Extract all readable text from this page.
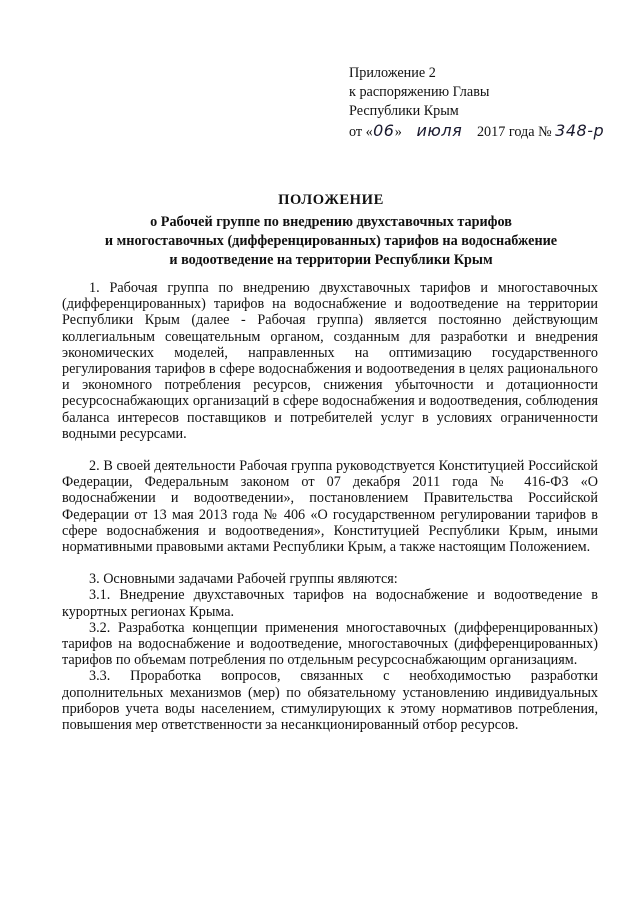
Приложение 2
к распоряжению Главы
Республики Крым
от «06» июля 2017 года № 348-р
ПОЛОЖЕНИЕ
о Рабочей группе по внедрению двухставочных тарифов
и многоставочных (дифференцированных) тарифов на водоснабжение
и водоотведение на территории Республики Крым

1. Рабочая группа по внедрению двухставочных тарифов и многоставочных (дифференцированных) тарифов на водоснабжение и водоотведение на территории Республики Крым (далее - Рабочая группа) является постоянно действующим коллегиальным совещательным органом, созданным для разработки и внедрения экономических моделей, направленных на оптимизацию государственного регулирования тарифов в сфере водоснабжения и водоотведения в целях рационального и экономного потребления ресурсов, снижения убыточности и дотационности ресурсоснабжающих организаций в сфере водоснабжения и водоотведения, соблюдения баланса интересов поставщиков и потребителей услуг в условиях ограниченности водными ресурсами.

2. В своей деятельности Рабочая группа руководствуется Конституцией Российской Федерации, Федеральным законом от 07 декабря 2011 года № 416-ФЗ «О водоснабжении и водоотведении», постановлением Правительства Российской Федерации от 13 мая 2013 года № 406 «О государственном регулировании тарифов в сфере водоснабжения и водоотведения», Конституцией Республики Крым, иными нормативными правовыми актами Республики Крым, а также настоящим Положением.

3. Основными задачами Рабочей группы являются:

3.1. Внедрение двухставочных тарифов на водоснабжение и водоотведение в курортных регионах Крыма.

3.2. Разработка концепции применения многоставочных (дифференцированных) тарифов на водоснабжение и водоотведение, многоставочных (дифференцированных) тарифов по объемам потребления по отдельным ресурсоснабжающим организациям.

3.3. Проработка вопросов, связанных с необходимостью разработки дополнительных механизмов (мер) по обязательному установлению индивидуальных приборов учета воды населением, стимулирующих к этому нормативов потребления, повышения мер ответственности за несанкционированный отбор ресурсов.
